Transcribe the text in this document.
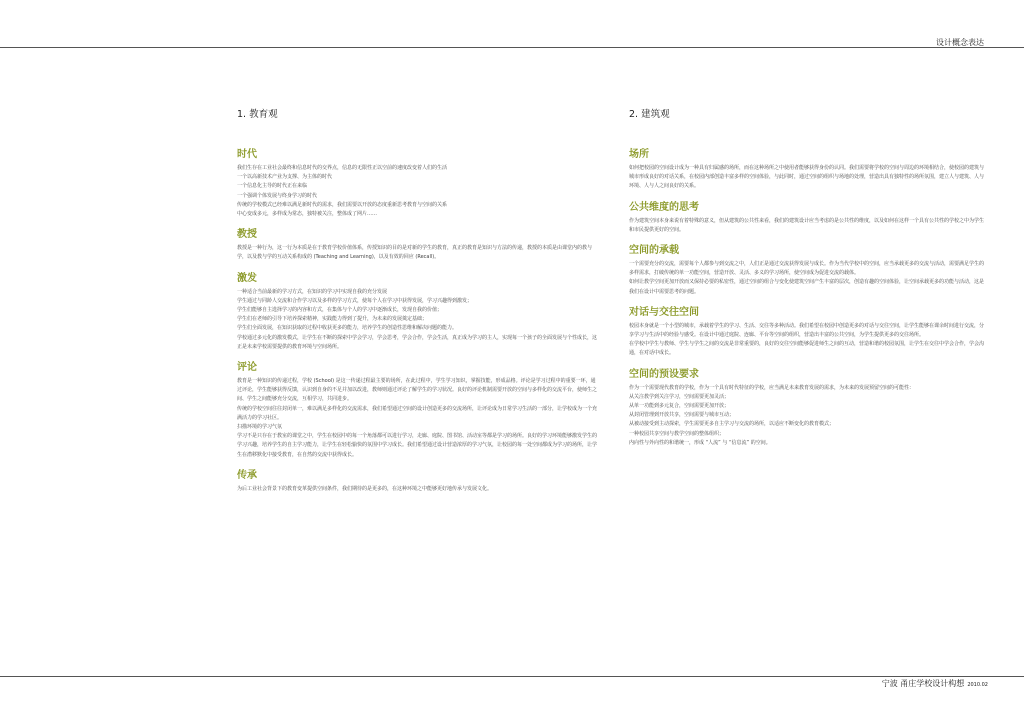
设计概念表达
1. 教育观
时代

我们生存在工业社会最终和信息时代的交界点，信息的无限性正以空前的速度改变着人们的生活

一个以高新技术产业为支撑、为主体的时代

一个信息化主导的时代正在来临

一个强调个体发展与终身学习的时代

传统的学校模式已经难以满足新时代的需求，我们需要以开放的态度重新思考教育与空间的关系

中心变成多元，多样成为常态，独特被关注，整体成了网片……

教授

教授是一种行为，这一行为本质是在于教育学校价值体系，传授知识的目的是对新的学生的教育，真正的教育是知识与方法的传递，教授的本质是由课堂内的教与学，以及教与学的互动关系构成的 (Teaching and Learning)，以及有效的回应 (Recall)。

激发

一种适合当前最新的学习方式，在知识的学习中实现自我的充分发展

学生通过与同龄人交流和合作学习以及多样的学习方式，使每个人在学习中获得发展，学习兴趣得到激发；

学生们能够自主选择学习的内容和方式，在集体与个人的学习中逐渐成长，发现自我的价值；

学生们在老师的引导下培养探索精神，实践能力得到了提升，为未来的发展奠定基础；

学生们全面发展，在知识获取的过程中收获更多的能力，培养学生的创造性思维和解决问题的能力。

学校通过多元化的激发模式，让学生在不断的探索中学会学习，学会思考，学会合作，学会生活，真正成为学习的主人，实现每一个孩子的全面发展与个性成长，这正是未来学校需要提供的教育环境与空间场所。

评论

教育是一种知识的传递过程，学校 (School) 是这一传递过程最主要的场所，在此过程中，学生学习知识，掌握技能，形成品格。评论是学习过程中的重要一环，通过评论，学生能够获得反馈，认识到自身的不足并加以改进，教师则通过评论了解学生的学习状况。良好的评论机制需要开放的空间与多样化的交流平台，使师生之间、学生之间能够充分交流，互相学习，共同进步。

传统的学校空间往往封闭单一，难以满足多样化的交流需求，我们希望通过空间的设计创造更多的交流场所，让评论成为日常学习生活的一部分，让学校成为一个充满活力的学习社区。

扫描环境的学习气氛

学习不是只存在于教室的课堂之中，学生在校园中的每一个角落都可以进行学习，走廊、庭院、图书馆、活动室等都是学习的场所。良好的学习环境能够激发学生的学习兴趣，培养学生的自主学习能力，让学生在轻松愉快的氛围中学习成长。我们希望通过设计营造浓厚的学习气氛，让校园的每一处空间都成为学习的场所，让学生在潜移默化中接受教育，在自然的交流中获得成长。

传承

为后工业社会背景下的教育变革提供空间条件，我们期待的是更多的，在这种环境之中能够更好地传承与发展文化。

2. 建筑观
场所

如何把校园的空间设计成为一种具有归属感的场所，而在这种场所之中使用者能够获得身份的认同。我们需要将学校的空间与周边的环境相结合，使校园的建筑与城市形成良好的对话关系，在校园内部创造丰富多样的空间体验，与此同时，通过空间的组织与场地的处理，营造出具有独特性的场所氛围，建立人与建筑、人与环境、人与人之间良好的关系。

公共维度的思考

作为建筑空间本身来说有着特殊的意义，但从建筑的公共性来看，我们的建筑设计应当考虑的是公共性的维度，以及如何在这样一个具有公共性的学校之中为学生和市民提供更好的空间。

空间的承载

一个需要充分的交流，需要每个人都参与到交流之中，人们正是通过交流获得发展与成长。作为当代学校中的空间，应当承载更多的交流与活动，需要满足学生的多样需求，打破传统的单一功能空间，营造开放、灵活、多义的学习场所，使空间成为促进交流的载体。

如何让教学空间更加开放而又保持必要的私密性，通过空间的组合与变化使建筑空间产生丰富的层次，创造有趣的空间体验，让空间承载更多的功能与活动，这是我们在设计中需要思考的问题。

对话与交往空间

校园本身就是一个小型的城市，承载着学生的学习、生活、交往等多种活动。我们希望在校园中创造更多的对话与交往空间，让学生能够在课余时间进行交流，分享学习与生活中的经验与感受。在设计中通过庭院、连廊、平台等空间的组织，营造出丰富的公共空间，为学生提供更多的交往场所。

在学校中学生与教师、学生与学生之间的交流是非常重要的，良好的交往空间能够促进师生之间的互动，营造和谐的校园氛围，让学生在交往中学会合作，学会沟通，在对话中成长。

空间的预设要求

作为一个需要现代教育的学校，作为一个具有时代特征的学校，应当满足未来教育发展的需求，为未来的发展预留空间的可能性：

从关注教学到关注学习，空间需要更加灵活；

从单一功能到多元复合，空间需要更加开放；

从封闭管理到开放共享，空间需要与城市互动；

从被动接受到主动探索，学生需要更多自主学习与交流的场所，以适应不断变化的教育模式；

一种校园共享空间与教学空间的整体组织；

内向性与外向性的和谐统一，形成 “人流” 与 “信息流” 的空间。

宁波 甬庄学校设计构想 2010.02
